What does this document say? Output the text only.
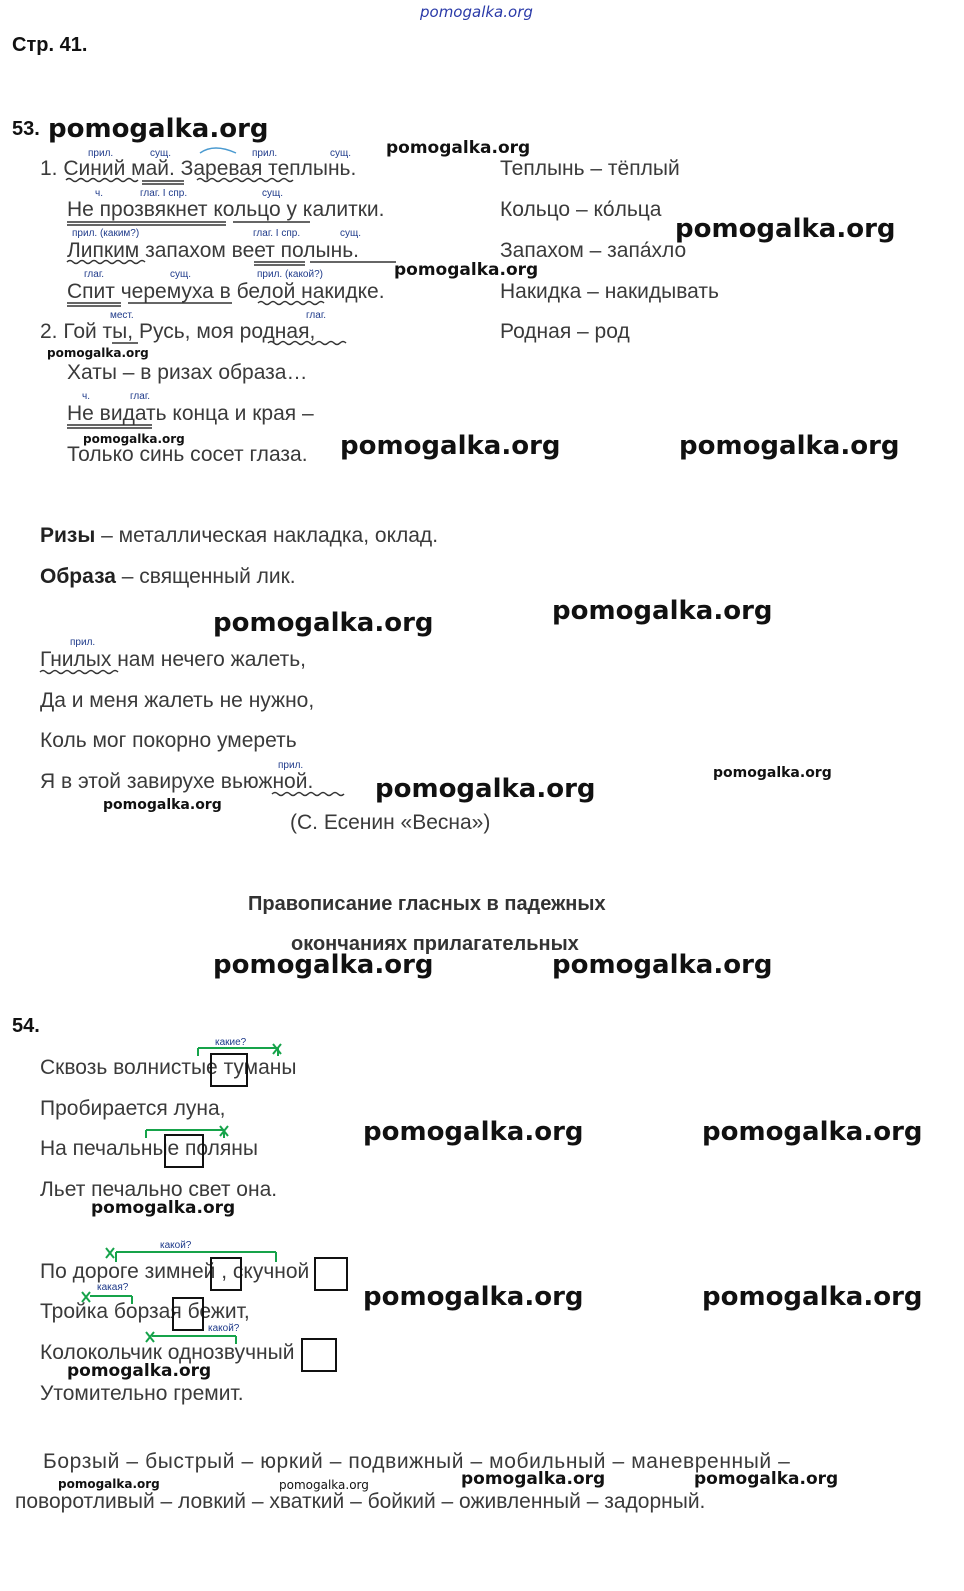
pomogalka.org
Стр. 41.
53. pomogalka.org
pomogalka.org
прил.	сущ.	прил.	сущ.
1. Синий май. Заревая теплынь.
ч.	глаг. I спр.	сущ.
Не прозвякнет кольцо у калитки.
прил. (каким?)	глаг. I спр.	сущ.
Липким запахом веет полынь.
pomogalka.org
глаг.	сущ.	прил. (какой?)
Спит черемуха в белой накидке.
Теплынь – тёплый
Кольцо – ко́льца
Запахом – запа́хло
pomogalka.org
Накидка – накидывать
Родная – род
мест.	глаг.
2. Гой ты, Русь, моя родная,
pomogalka.org
Хаты – в ризах образа…
ч.	глаг.
Не видать конца и края –
pomogalka.org
Только синь сосет глаза. pomogalka.org	pomogalka.org
Ризы – металлическая накладка, оклад.
Образа – священный лик.
pomogalka.org
pomogalka.org
прил.
Гнилых нам нечего жалеть,
Да и меня жалеть не нужно,
Коль мог покорно умереть
прил.
Я в этой завирухе вьюжной.	pomogalka.org
pomogalka.org
pomogalka.org
(С. Есенин «Весна»)
Правописание гласных в падежных
окончаниях прилагательных
pomogalka.org	pomogalka.org
54.
какие?
Сквозь волнистые туманы
Пробирается луна,
На печальные поляны
pomogalka.org	pomogalka.org
Льет печально свет она.
pomogalka.org
какой?
По дороге зимней , скучной
какая?
Тройка борзая бежит,	pomogalka.org	pomogalka.org
какой?
Колокольчик однозвучный
pomogalka.org
Утомительно гремит.
Борзый – быстрый – юркий – подвижный – мобильный – маневренный –
pomogalka.org	pomogalka.org	pomogalka.org	pomogalka.org
поворотливый – ловкий – хваткий – бойкий – оживленный – задорный.
